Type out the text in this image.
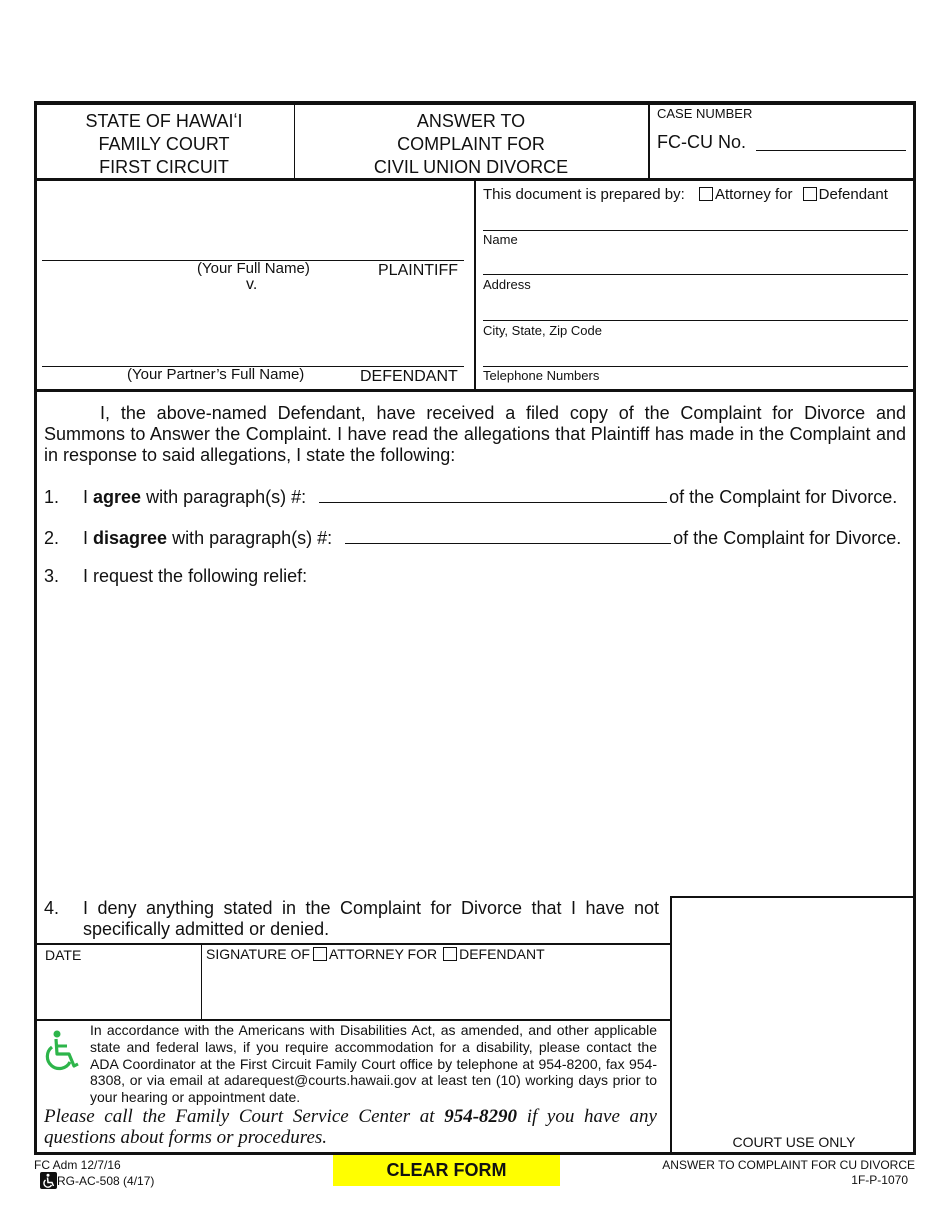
STATE OF HAWAIʻI
FAMILY COURT
FIRST CIRCUIT
ANSWER TO
COMPLAINT FOR
CIVIL UNION DIVORCE
CASE NUMBER
FC-CU No.
(Your Full Name)	PLAINTIFF
v.
(Your Partner’s Full Name)	DEFENDANT
This document is prepared by: Attorney for Defendant
Name
Address
City, State, Zip Code
Telephone Numbers
I, the above-named Defendant, have received a filed copy of the Complaint for Divorce and Summons to Answer the Complaint. I have read the allegations that Plaintiff has made in the Complaint and in response to said allegations, I state the following:
1. I agree with paragraph(s) #:	of the Complaint for Divorce.
2. I disagree with paragraph(s) #:	of the Complaint for Divorce.
3. I request the following relief:
4. I deny anything stated in the Complaint for Divorce that I have not specifically admitted or denied.
DATE	SIGNATURE OF ATTORNEY FOR DEFENDANT
In accordance with the Americans with Disabilities Act, as amended, and other applicable state and federal laws, if you require accommodation for a disability, please contact the ADA Coordinator at the First Circuit Family Court office by telephone at 954-8200, fax 954-8308, or via email at adarequest@courts.hawaii.gov at least ten (10) working days prior to your hearing or appointment date.
Please call the Family Court Service Center at 954-8290 if you have any questions about forms or procedures.	COURT USE ONLY
FC Adm 12/7/16
RG-AC-508 (4/17)
CLEAR FORM	ANSWER TO COMPLAINT FOR CU DIVORCE
1F-P-1070
